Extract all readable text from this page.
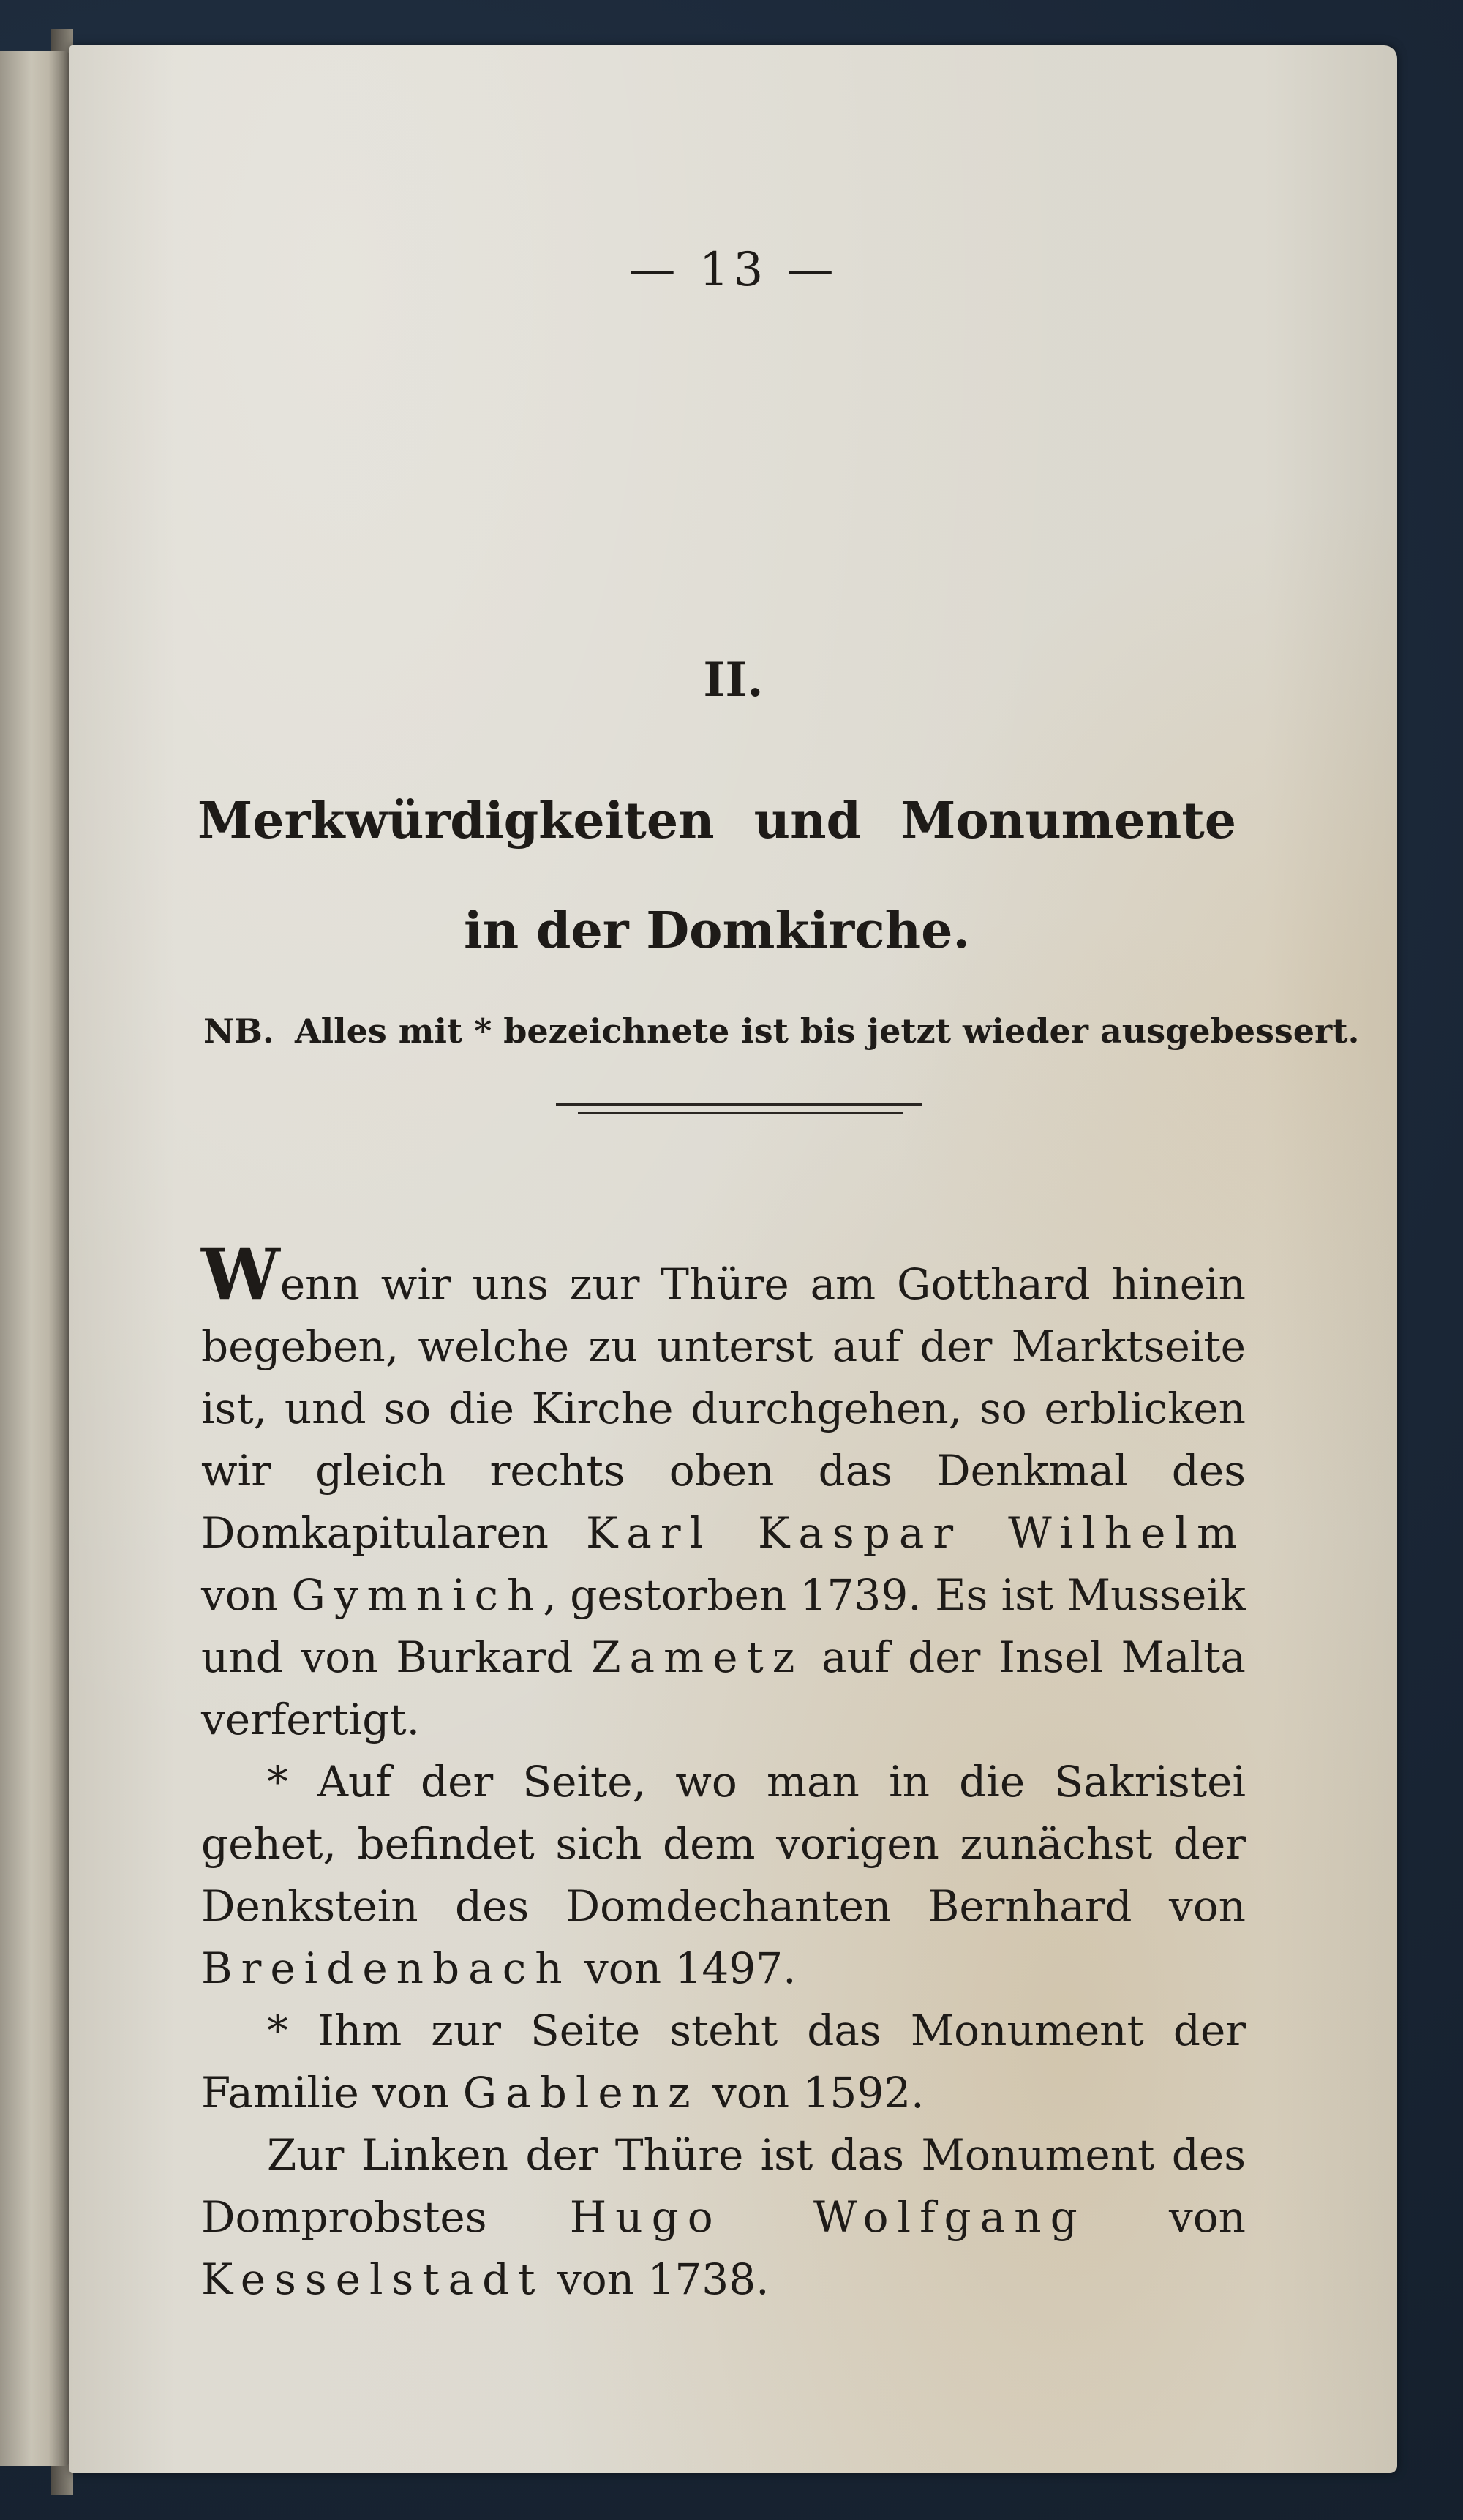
— 13 —
II.
Merkwürdigkeiten und Monumente in der Domkirche.
NB. Alles mit * bezeichnete ist bis jetzt wieder ausgebessert.

Wenn wir uns zur Thüre am Gotthard hinein begeben, welche zu unterst auf der Marktseite ist, und so die Kirche durchgehen, so erblicken wir gleich rechts oben das Denkmal des Domkapitularen Karl Kaspar Wilhelm von Gymnich, gestorben 1739. Es ist Musseik und von Burkard Zametz auf der Insel Malta verfertigt.

* Auf der Seite, wo man in die Sakristei gehet, befindet sich dem vorigen zunächst der Denkstein des Domdechanten Bernhard von Breidenbach von 1497.

* Ihm zur Seite steht das Monument der Familie von Gablenz von 1592.

Zur Linken der Thüre ist das Monument des Domprobstes Hugo Wolfgang von Kesselstadt von 1738.
